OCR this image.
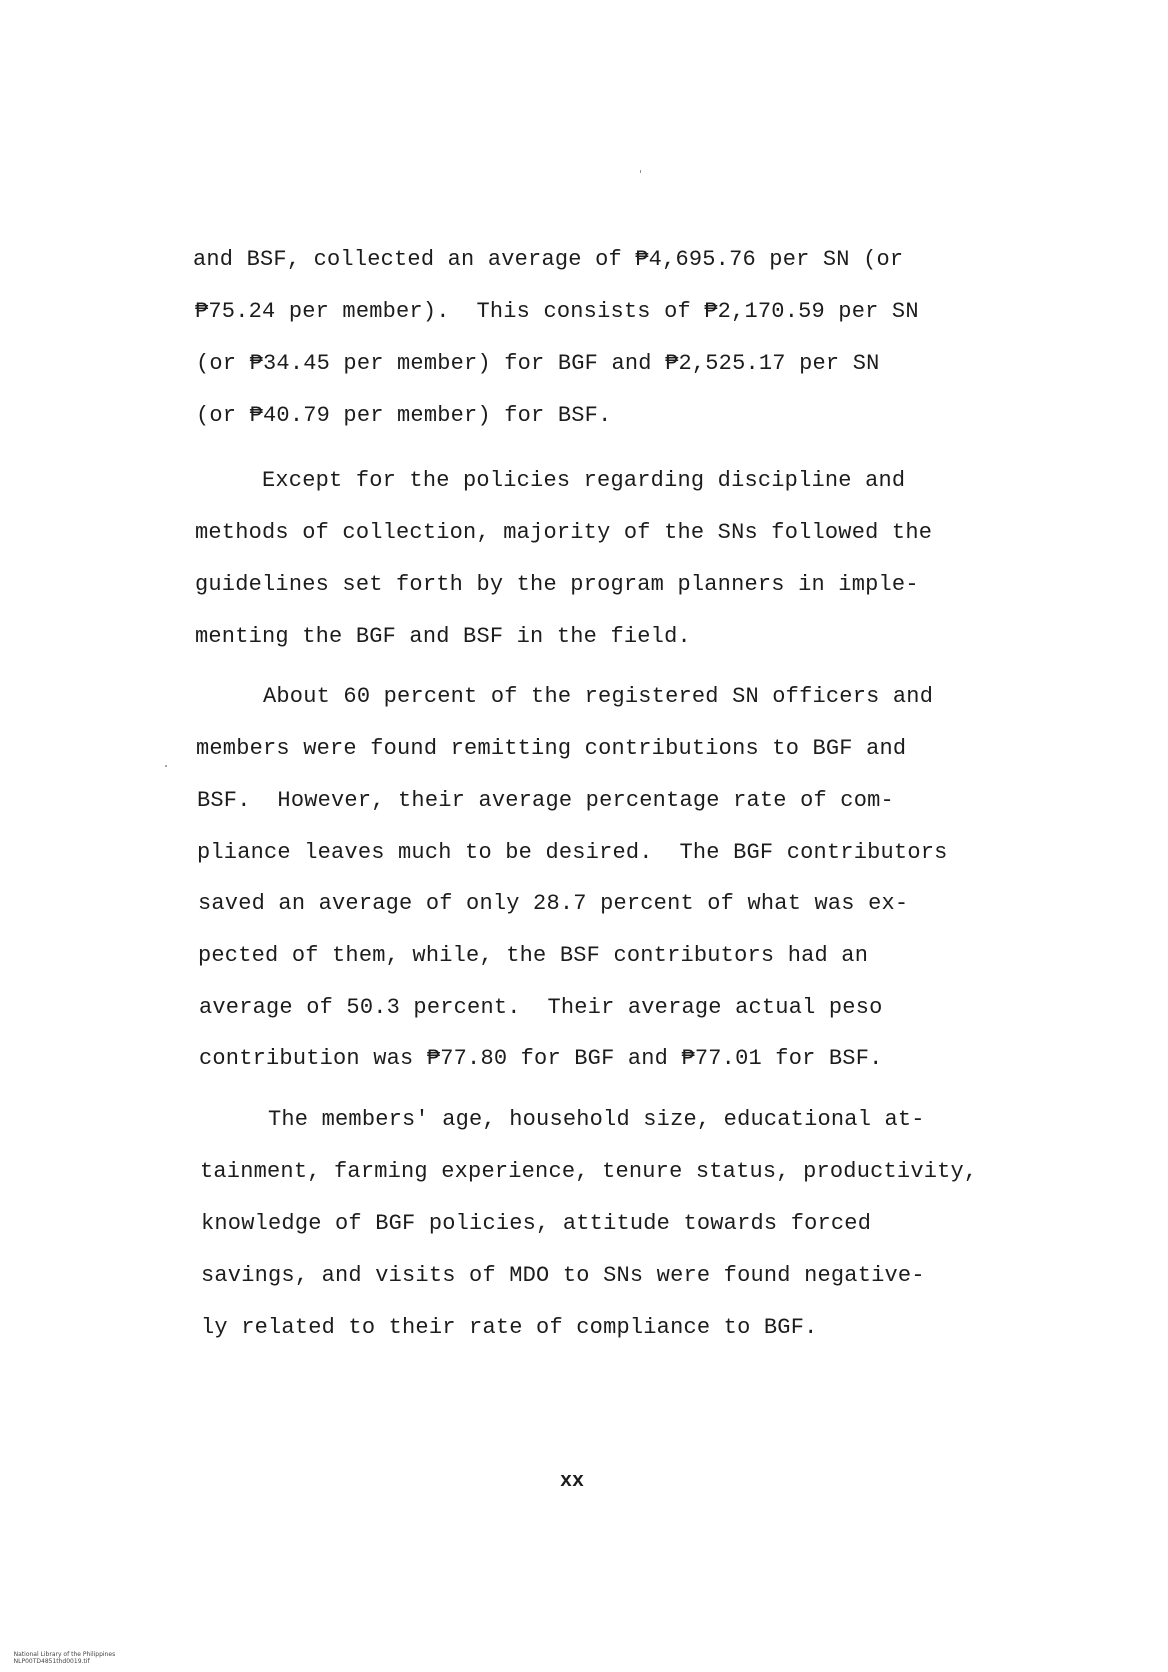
and BSF, collected an average of ₱4,695.76 per SN (or
₱75.24 per member).  This consists of ₱2,170.59 per SN
(or ₱34.45 per member) for BGF and ₱2,525.17 per SN
(or ₱40.79 per member) for BSF.
Except for the policies regarding discipline and
methods of collection, majority of the SNs followed the
guidelines set forth by the program planners in imple-
menting the BGF and BSF in the field.
About 60 percent of the registered SN officers and
members were found remitting contributions to BGF and
BSF.  However, their average percentage rate of com-
pliance leaves much to be desired.  The BGF contributors
saved an average of only 28.7 percent of what was ex-
pected of them, while, the BSF contributors had an
average of 50.3 percent.  Their average actual peso
contribution was ₱77.80 for BGF and ₱77.01 for BSF.
The members' age, household size, educational at-
tainment, farming experience, tenure status, productivity,
knowledge of BGF policies, attitude towards forced
savings, and visits of MDO to SNs were found negative-
ly related to their rate of compliance to BGF.
xx

National Library of the Philippines
NLP00TD4851thd0019.tif
